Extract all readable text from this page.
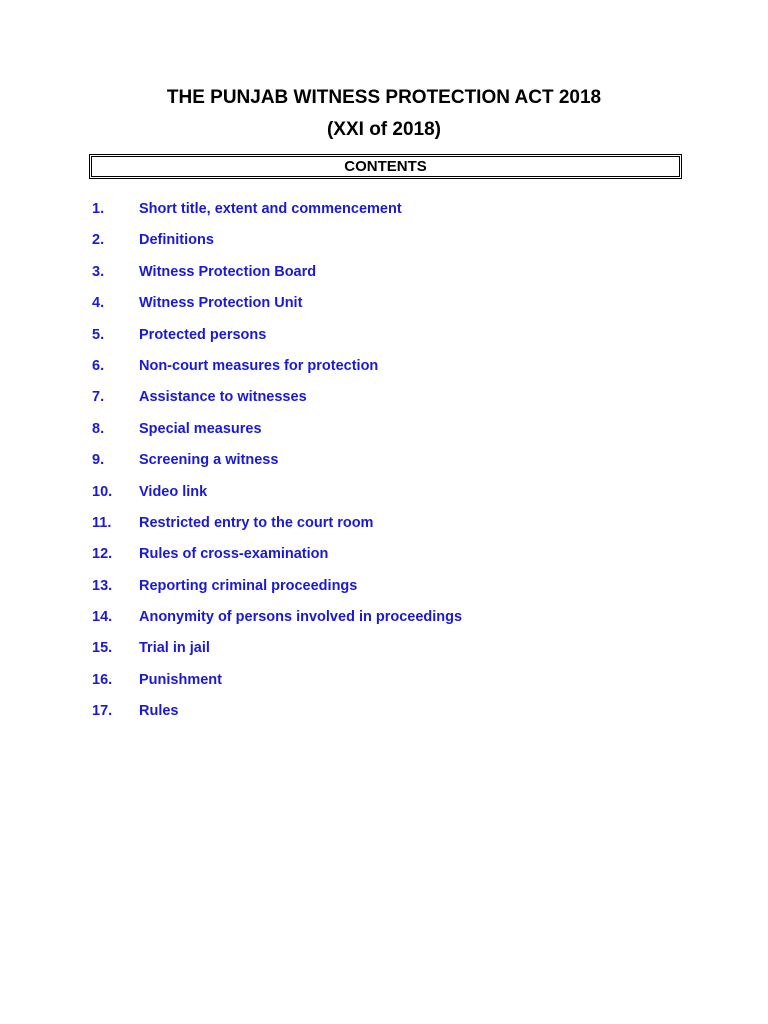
THE PUNJAB WITNESS PROTECTION ACT 2018
(XXI of 2018)
CONTENTS
1.	Short title, extent and commencement
2.	Definitions
3.	Witness Protection Board
4.	Witness Protection Unit
5.	Protected persons
6.	Non-court measures for protection
7.	Assistance to witnesses
8.	Special measures
9.	Screening a witness
10.	Video link
11.	Restricted entry to the court room
12.	Rules of cross-examination
13.	Reporting criminal proceedings
14.	Anonymity of persons involved in proceedings
15.	Trial in jail
16.	Punishment
17.	Rules
